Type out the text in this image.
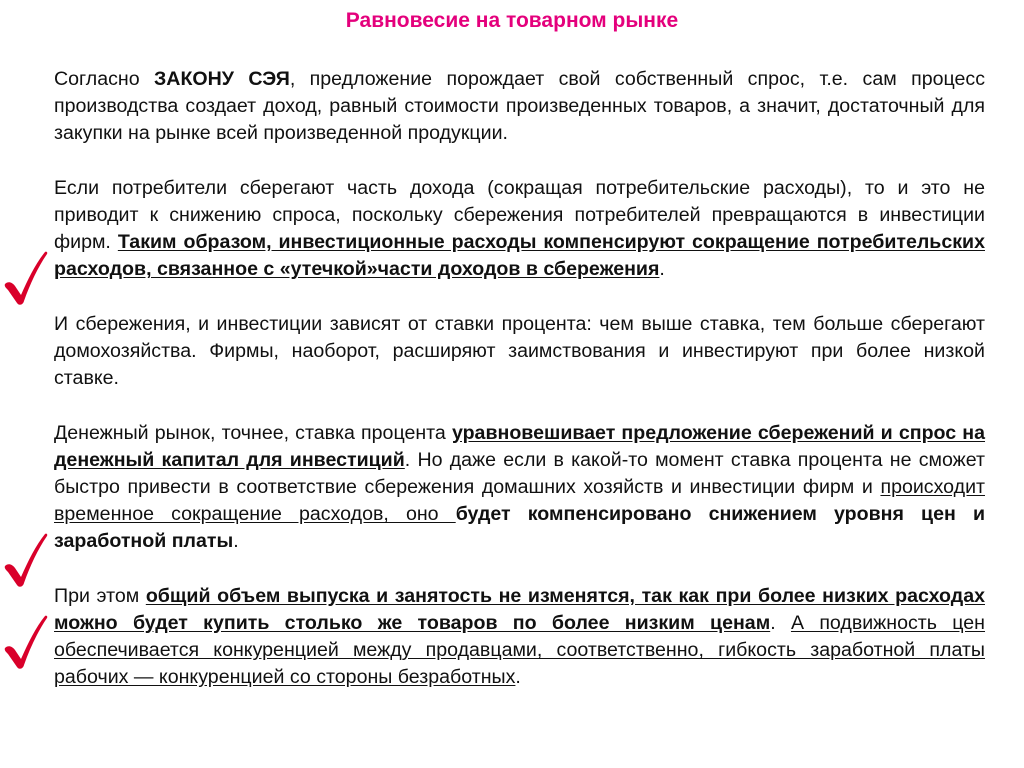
Равновесие на товарном рынке

Согласно ЗАКОНУ СЭЯ, предложение порождает свой собственный спрос, т.е. сам процесс производства создает доход, равный стоимости произведенных товаров, а значит, достаточный для закупки на рынке всей произведенной продукции.

Если потребители сберегают часть дохода (сокращая потребительские расходы), то и это не приводит к снижению спроса, поскольку сбережения потребителей превращаются в инвестиции фирм. Таким образом, инвестиционные расходы компенсируют сокращение потребительских расходов, связанное с «утечкой»части доходов в сбережения.

И сбережения, и инвестиции зависят от ставки процента: чем выше ставка, тем больше сберегают домохозяйства. Фирмы, наоборот, расширяют заимствования и инвестируют при более низкой ставке.

Денежный рынок, точнее, ставка процента уравновешивает предложение сбережений и спрос на денежный капитал для инвестиций. Но даже если в какой-то момент ставка процента не сможет быстро привести в соответствие сбережения домашних хозяйств и инвестиции фирм и происходит временное сокращение расходов, оно будет компенсировано снижением уровня цен и заработной платы.

При этом общий объем выпуска и занятость не изменятся, так как при более низких расходах можно будет купить столько же товаров по более низким ценам. А подвижность цен обеспечивается конкуренцией между продавцами, соответственно, гибкость заработной платы рабочих — конкуренцией со стороны безработных.
